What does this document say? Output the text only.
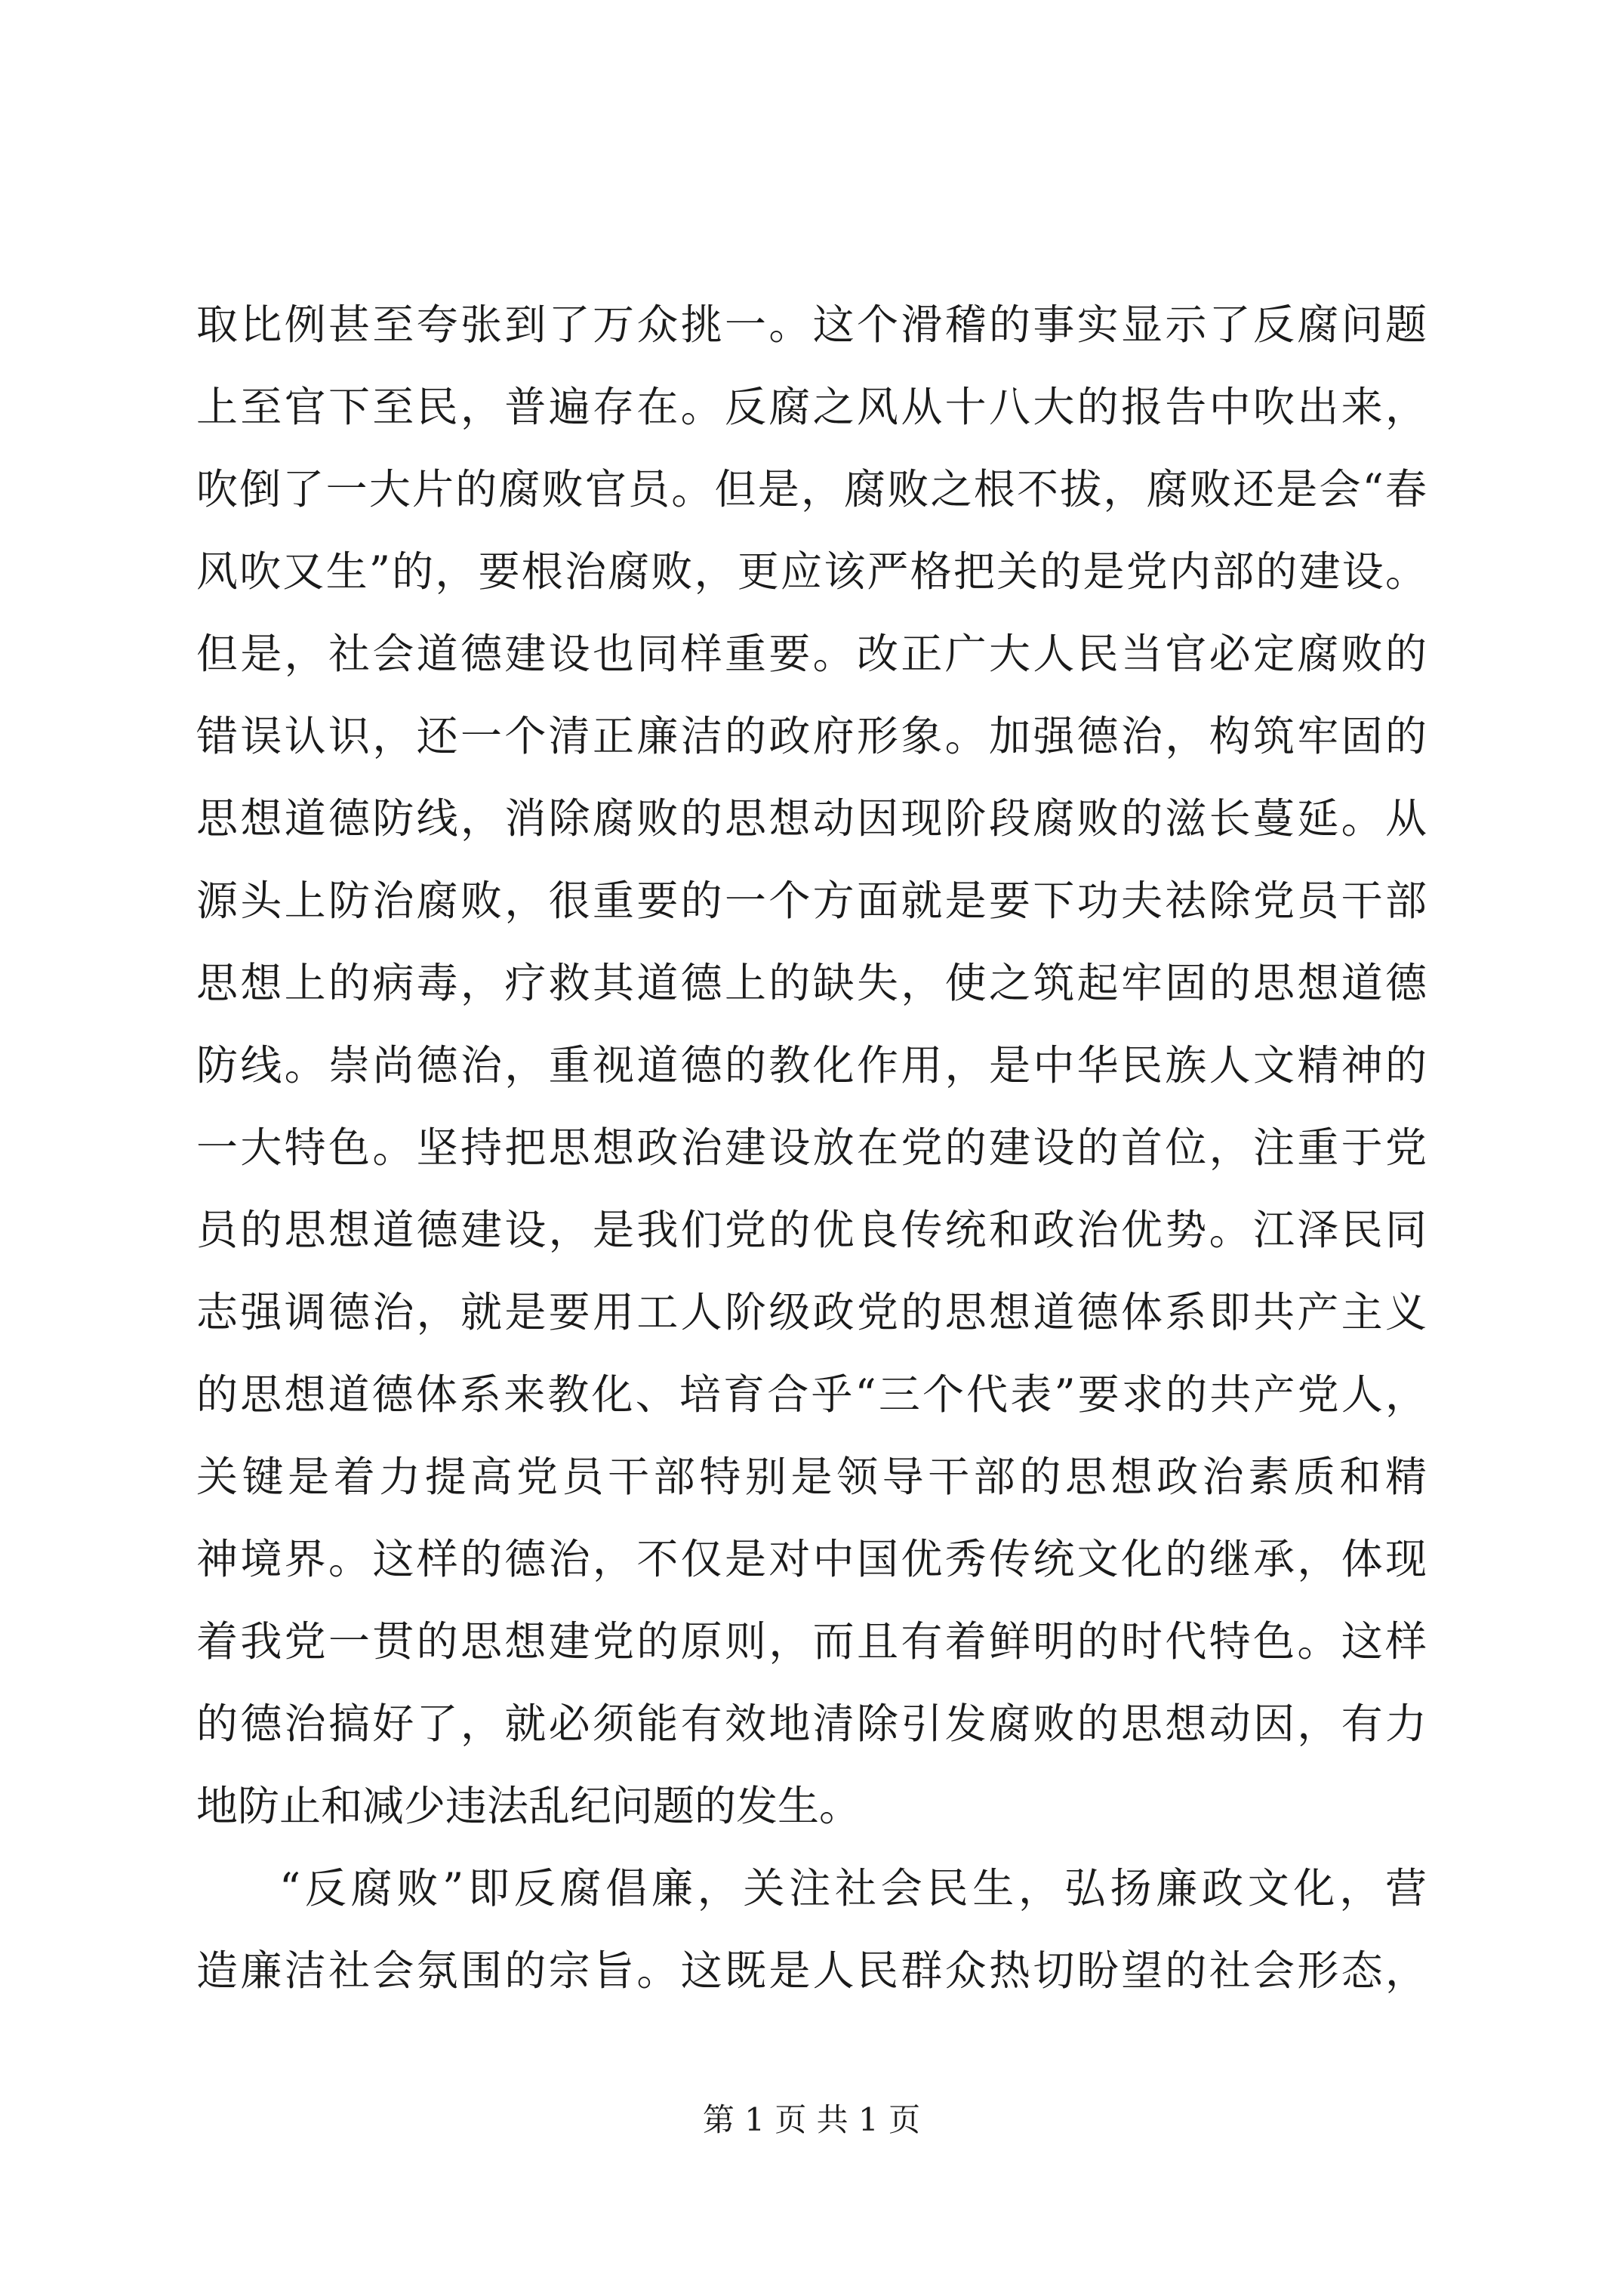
取比例甚至夸张到了万众挑一。这个滑稽的事实显示了反腐问题
上至官下至民，普遍存在。反腐之风从十八大的报告中吹出来，
吹倒了一大片的腐败官员。但是，腐败之根不拔，腐败还是会“春
风吹又生”的，要根治腐败，更应该严格把关的是党内部的建设。
但是，社会道德建设也同样重要。改正广大人民当官必定腐败的
错误认识，还一个清正廉洁的政府形象。加强德治，构筑牢固的
思想道德防线，消除腐败的思想动因现阶段腐败的滋长蔓延。从
源头上防治腐败，很重要的一个方面就是要下功夫祛除党员干部
思想上的病毒，疗救其道德上的缺失，使之筑起牢固的思想道德
防线。崇尚德治，重视道德的教化作用，是中华民族人文精神的
一大特色。坚持把思想政治建设放在党的建设的首位，注重于党
员的思想道德建设，是我们党的优良传统和政治优势。江泽民同
志强调德治，就是要用工人阶级政党的思想道德体系即共产主义
的思想道德体系来教化、培育合乎“三个代表”要求的共产党人，
关键是着力提高党员干部特别是领导干部的思想政治素质和精
神境界。这样的德治，不仅是对中国优秀传统文化的继承，体现
着我党一贯的思想建党的原则，而且有着鲜明的时代特色。这样
的德治搞好了，就必须能有效地清除引发腐败的思想动因，有力
地防止和减少违法乱纪问题的发生。
“反腐败”即反腐倡廉，关注社会民生，弘扬廉政文化，营
造廉洁社会氛围的宗旨。这既是人民群众热切盼望的社会形态，
第 1 页 共 1 页
